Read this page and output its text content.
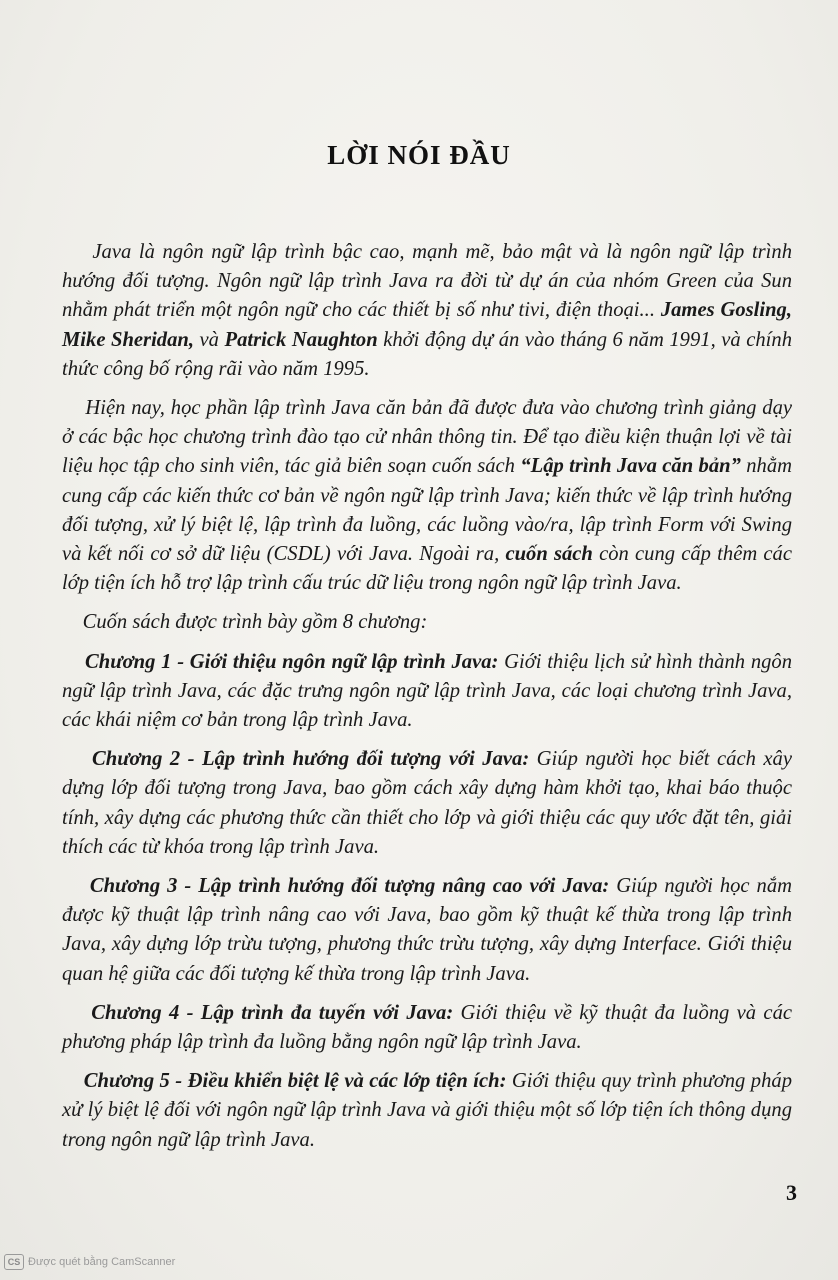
LỜI NÓI ĐẦU

Java là ngôn ngữ lập trình bậc cao, mạnh mẽ, bảo mật và là ngôn ngữ lập trình hướng đối tượng. Ngôn ngữ lập trình Java ra đời từ dự án của nhóm Green của Sun nhằm phát triển một ngôn ngữ cho các thiết bị số như tivi, điện thoại... James Gosling, Mike Sheridan, và Patrick Naughton khởi động dự án vào tháng 6 năm 1991, và chính thức công bố rộng rãi vào năm 1995.

Hiện nay, học phần lập trình Java căn bản đã được đưa vào chương trình giảng dạy ở các bậc học chương trình đào tạo cử nhân thông tin. Để tạo điều kiện thuận lợi về tài liệu học tập cho sinh viên, tác giả biên soạn cuốn sách “Lập trình Java căn bản” nhằm cung cấp các kiến thức cơ bản về ngôn ngữ lập trình Java; kiến thức về lập trình hướng đối tượng, xử lý biệt lệ, lập trình đa luồng, các luồng vào/ra, lập trình Form với Swing và kết nối cơ sở dữ liệu (CSDL) với Java. Ngoài ra, cuốn sách còn cung cấp thêm các lớp tiện ích hỗ trợ lập trình cấu trúc dữ liệu trong ngôn ngữ lập trình Java.

Cuốn sách được trình bày gồm 8 chương:

Chương 1 - Giới thiệu ngôn ngữ lập trình Java: Giới thiệu lịch sử hình thành ngôn ngữ lập trình Java, các đặc trưng ngôn ngữ lập trình Java, các loại chương trình Java, các khái niệm cơ bản trong lập trình Java.

Chương 2 - Lập trình hướng đối tượng với Java: Giúp người học biết cách xây dựng lớp đối tượng trong Java, bao gồm cách xây dựng hàm khởi tạo, khai báo thuộc tính, xây dựng các phương thức cần thiết cho lớp và giới thiệu các quy ước đặt tên, giải thích các từ khóa trong lập trình Java.

Chương 3 - Lập trình hướng đối tượng nâng cao với Java: Giúp người học nắm được kỹ thuật lập trình nâng cao với Java, bao gồm kỹ thuật kế thừa trong lập trình Java, xây dựng lớp trừu tượng, phương thức trừu tượng, xây dựng Interface. Giới thiệu quan hệ giữa các đối tượng kế thừa trong lập trình Java.

Chương 4 - Lập trình đa tuyến với Java: Giới thiệu về kỹ thuật đa luồng và các phương pháp lập trình đa luồng bằng ngôn ngữ lập trình Java.

Chương 5 - Điều khiển biệt lệ và các lớp tiện ích: Giới thiệu quy trình phương pháp xử lý biệt lệ đối với ngôn ngữ lập trình Java và giới thiệu một số lớp tiện ích thông dụng trong ngôn ngữ lập trình Java.

3
CS Được quét bằng CamScanner
